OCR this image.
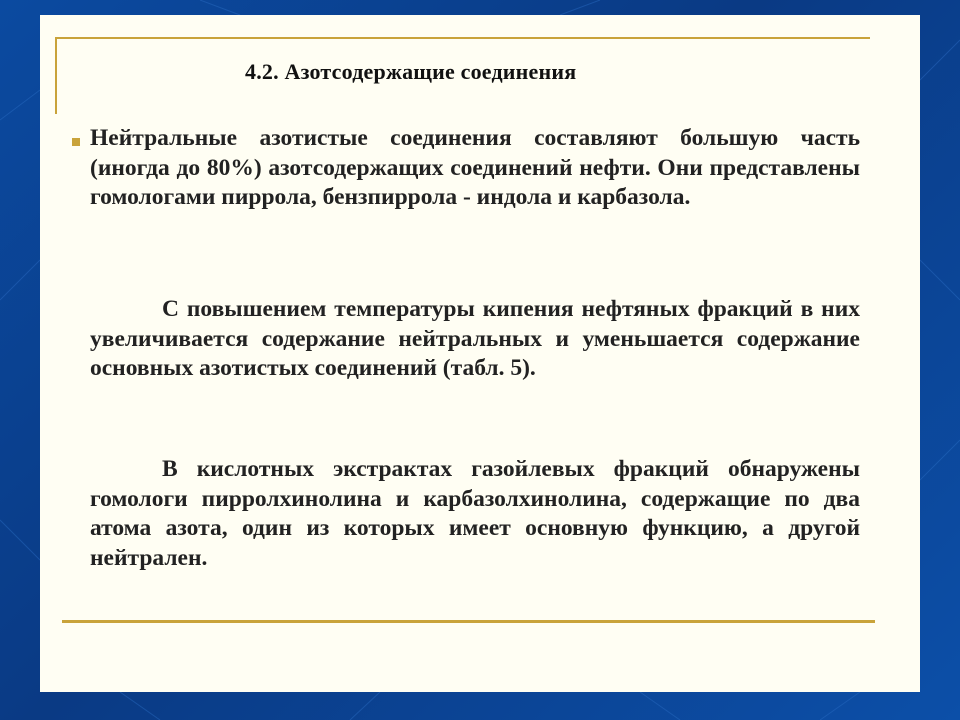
4.2. Азотсодержащие соединения
Нейтральные азотистые соединения составляют большую часть (иногда до 80%) азотсодержащих соединений нефти. Они представлены гомологами пиррола, бензпиррола - индола и карбазола.
С повышением температуры кипения нефтяных фракций в них увеличивается содержание нейтральных и уменьшается содержание основных азотистых соединений (табл. 5).
В кислотных экстрактах газойлевых фракций обнаружены гомологи пирролхинолина и карбазолхинолина, содержащие по два атома азота, один из которых имеет основную функцию, а другой нейтрален.
